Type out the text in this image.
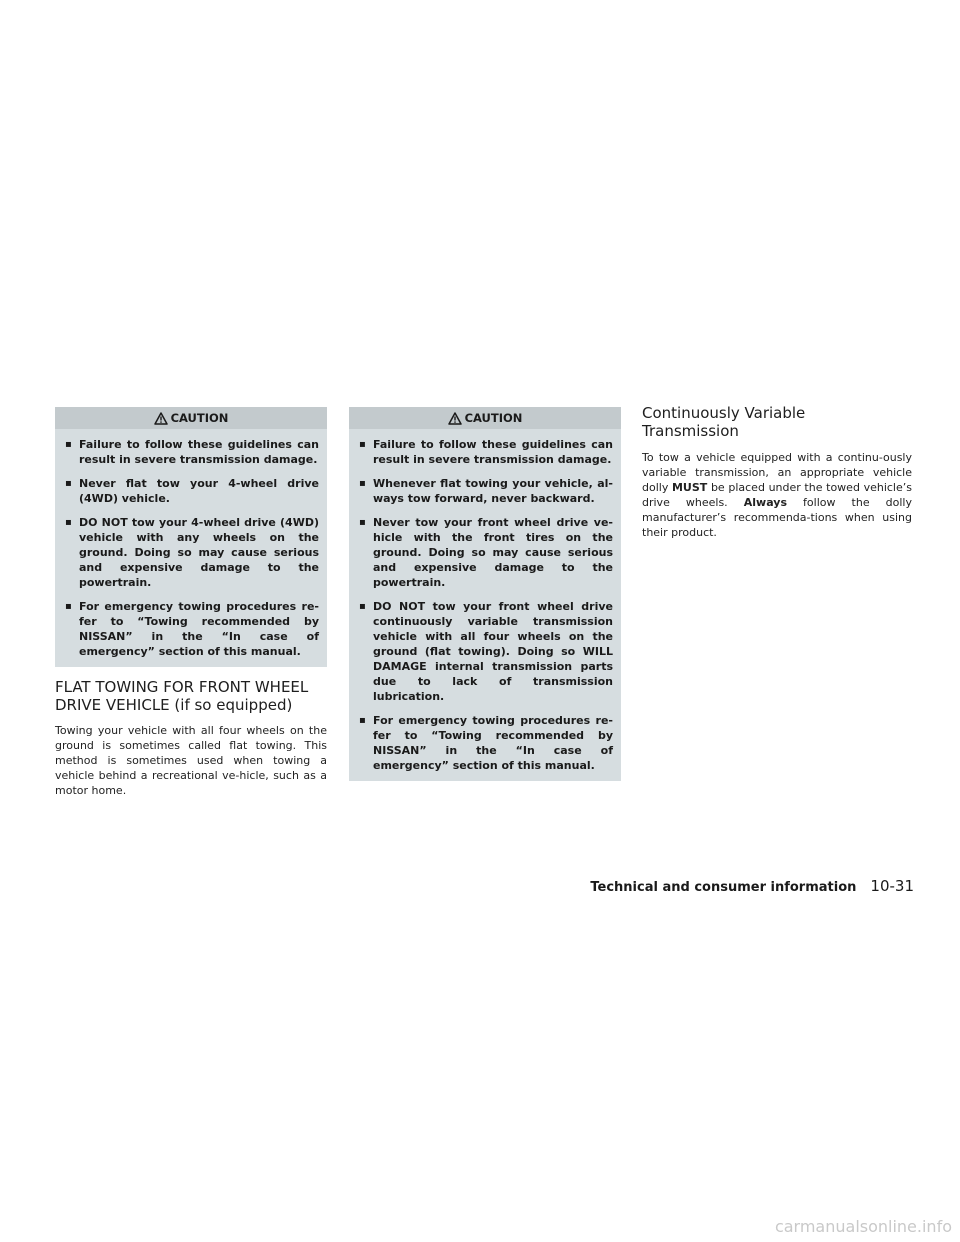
CAUTION
▪ Failure to follow these guidelines can result in severe transmission damage.
▪ Never flat tow your 4-wheel drive (4WD) vehicle.
▪ DO NOT tow your 4-wheel drive (4WD) vehicle with any wheels on the ground. Doing so may cause serious and expensive damage to the powertrain.
▪ For emergency towing procedures re-fer to “Towing recommended by NISSAN” in the “In case of emergency” section of this manual.
FLAT TOWING FOR FRONT WHEEL DRIVE VEHICLE (if so equipped)

Towing your vehicle with all four wheels on the ground is sometimes called flat towing. This method is sometimes used when towing a vehicle behind a recreational ve-hicle, such as a motor home.

CAUTION
▪ Failure to follow these guidelines can result in severe transmission damage.
▪ Whenever flat towing your vehicle, al-ways tow forward, never backward.
▪ Never tow your front wheel drive ve-hicle with the front tires on the ground. Doing so may cause serious and expensive damage to the powertrain.
▪ DO NOT tow your front wheel drive continuously variable transmission vehicle with all four wheels on the ground (flat towing). Doing so WILL DAMAGE internal transmission parts due to lack of transmission lubrication.
▪ For emergency towing procedures re-fer to “Towing recommended by NISSAN” in the “In case of emergency” section of this manual.
Continuously Variable Transmission

To tow a vehicle equipped with a continu-ously variable transmission, an appropriate vehicle dolly MUST be placed under the towed vehicle’s drive wheels. Always follow the dolly manufacturer’s recommenda-tions when using their product.

Technical and consumer information 10-31
carmanualsonline.info
